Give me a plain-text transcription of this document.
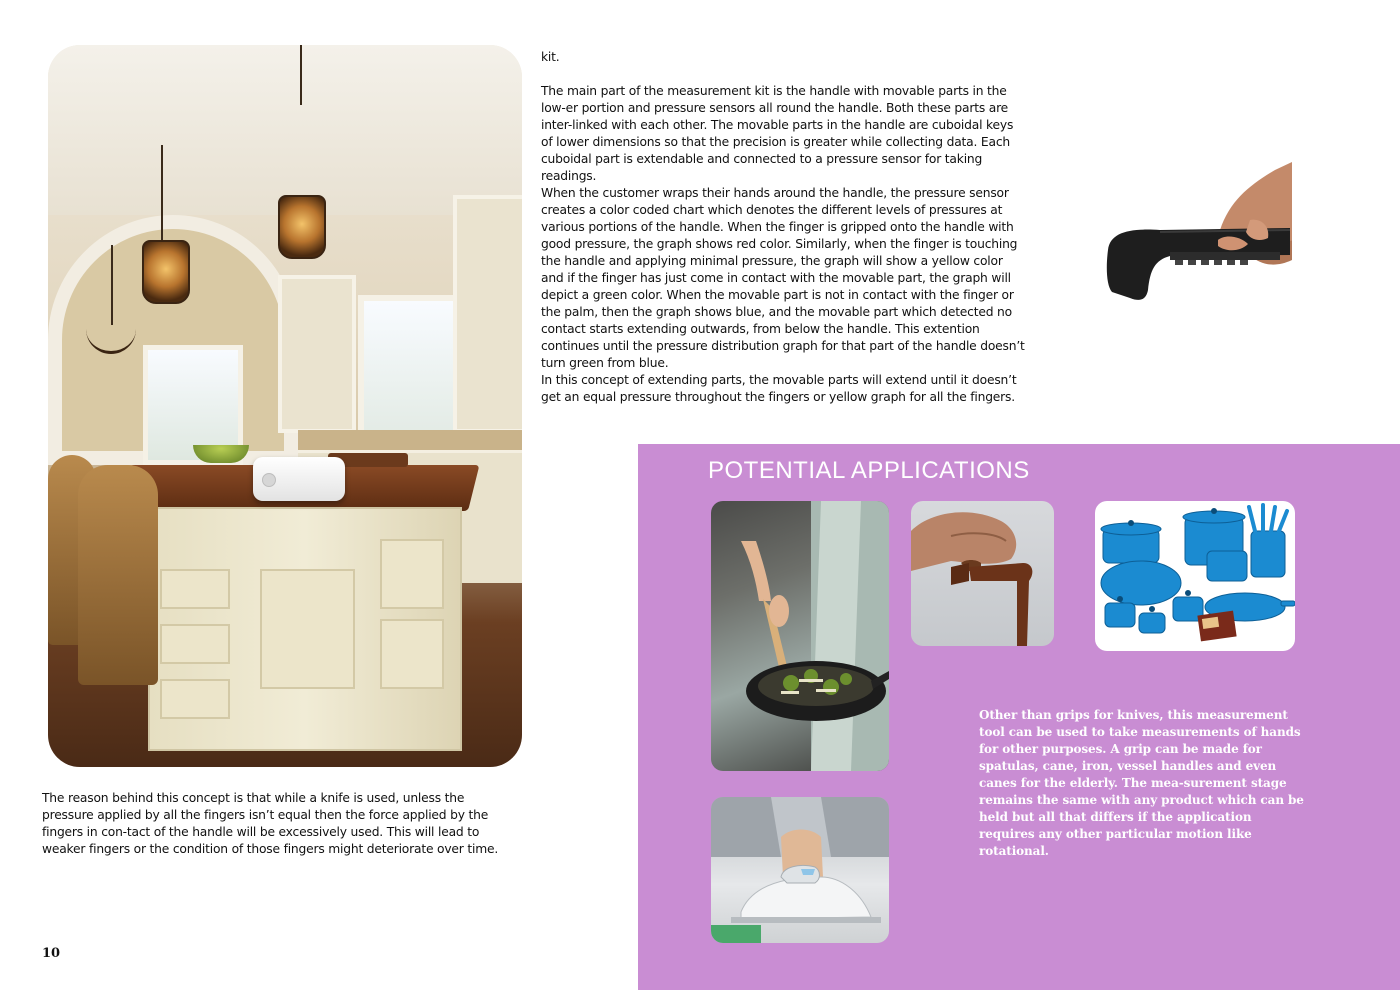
kit.

The main part of the measurement kit is the handle with movable parts in the low-er portion and pressure sensors all round the handle. Both these parts are inter-linked with each other. The movable parts in the handle are cuboidal keys of lower dimensions so that the precision is greater while collecting data. Each cuboidal part is extendable and connected to a pressure sensor for taking readings.

When the customer wraps their hands around the handle, the pressure sensor creates a color coded chart which denotes the different levels of pressures at various portions of the handle. When the finger is gripped onto the handle with good pressure, the graph shows red color. Similarly, when the finger is touching the handle and applying minimal pressure, the graph will show a yellow color and if the finger has just come in contact with the movable part, the graph will depict a green color. When the movable part is not in contact with the finger or the palm, then the graph shows blue, and the movable part which detected no contact starts extending outwards, from below the handle. This extention continues until the pressure distribution graph for that part of the handle doesn’t turn green from blue.

In this concept of extending parts, the movable parts will extend until it doesn’t get an equal pressure throughout the fingers or yellow graph for all the fingers.

The reason behind this concept is that while a knife is used, unless the pressure applied by all the fingers isn’t equal then the force applied by the fingers in con-tact of the handle will be excessively used. This will lead to weaker fingers or the condition of those fingers might deteriorate over time.

POTENTIAL APPLICATIONS
Other than grips for knives, this measurement tool can be used to take measurements of hands for other purposes. A grip can be made for spatulas, cane, iron, vessel handles and even canes for the elderly. The mea-surement stage remains the same with any product which can be held but all that differs if the application requires any other particular motion like rotational.
10
